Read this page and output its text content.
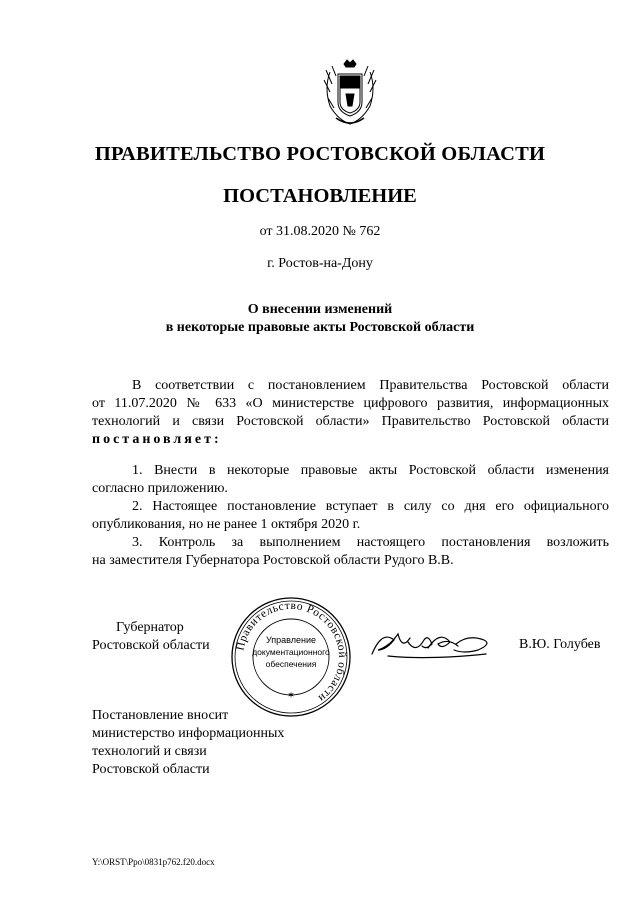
ПРАВИТЕЛЬСТВО РОСТОВСКОЙ ОБЛАСТИ
ПОСТАНОВЛЕНИЕ
от 31.08.2020 № 762
г. Ростов-на-Дону
О внесении изменений
в некоторые правовые акты Ростовской области
В соответствии с постановлением Правительства Ростовской области
от 11.07.2020 № 633 «О министерстве цифрового развития, информационных
технологий и связи Ростовской области» Правительство Ростовской области
постановляет:
1. Внести в некоторые правовые акты Ростовской области изменения
согласно приложению.
2. Настоящее постановление вступает в силу со дня его официального
опубликования, но не ранее 1 октября 2020 г.
3. Контроль за выполнением настоящего постановления возложить
на заместителя Губернатора Ростовской области Рудого В.В.
Губернатор
Ростовской области Правительство Ростовской области
✶
Управление
документационного
обеспечения
В.Ю. Голубев
Постановление вносит
министерство информационных
технологий и связи
Ростовской области
Y:\ORST\Ppo\0831p762.f20.docx
